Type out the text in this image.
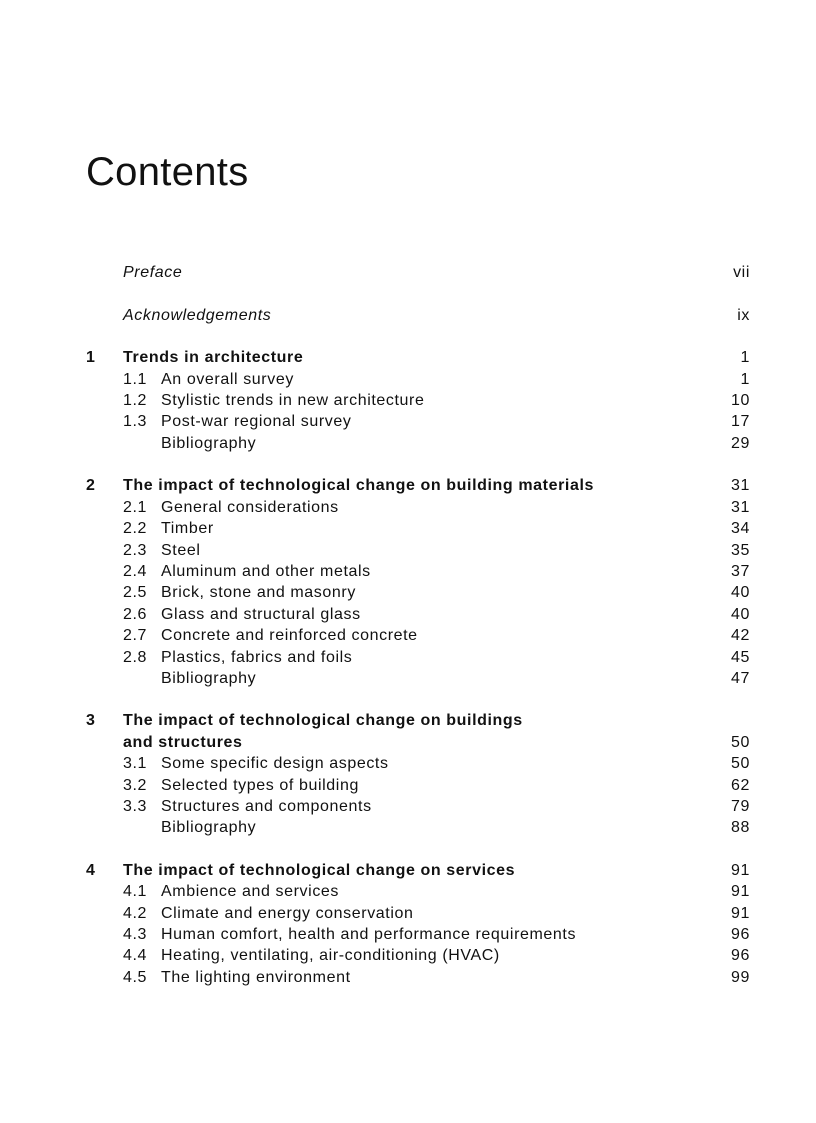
Contents
Preface	vii
Acknowledgements	ix
1 Trends in architecture	1
1.1 An overall survey	1
1.2 Stylistic trends in new architecture	10
1.3 Post-war regional survey	17
Bibliography	29
2 The impact of technological change on building materials	31
2.1 General considerations	31
2.2 Timber	34
2.3 Steel	35
2.4 Aluminum and other metals	37
2.5 Brick, stone and masonry	40
2.6 Glass and structural glass	40
2.7 Concrete and reinforced concrete	42
2.8 Plastics, fabrics and foils	45
Bibliography	47
3 The impact of technological change on buildings
and structures	50
3.1 Some specific design aspects	50
3.2 Selected types of building	62
3.3 Structures and components	79
Bibliography	88
4 The impact of technological change on services	91
4.1 Ambience and services	91
4.2 Climate and energy conservation	91
4.3 Human comfort, health and performance requirements	96
4.4 Heating, ventilating, air-conditioning (HVAC)	96
4.5 The lighting environment	99
